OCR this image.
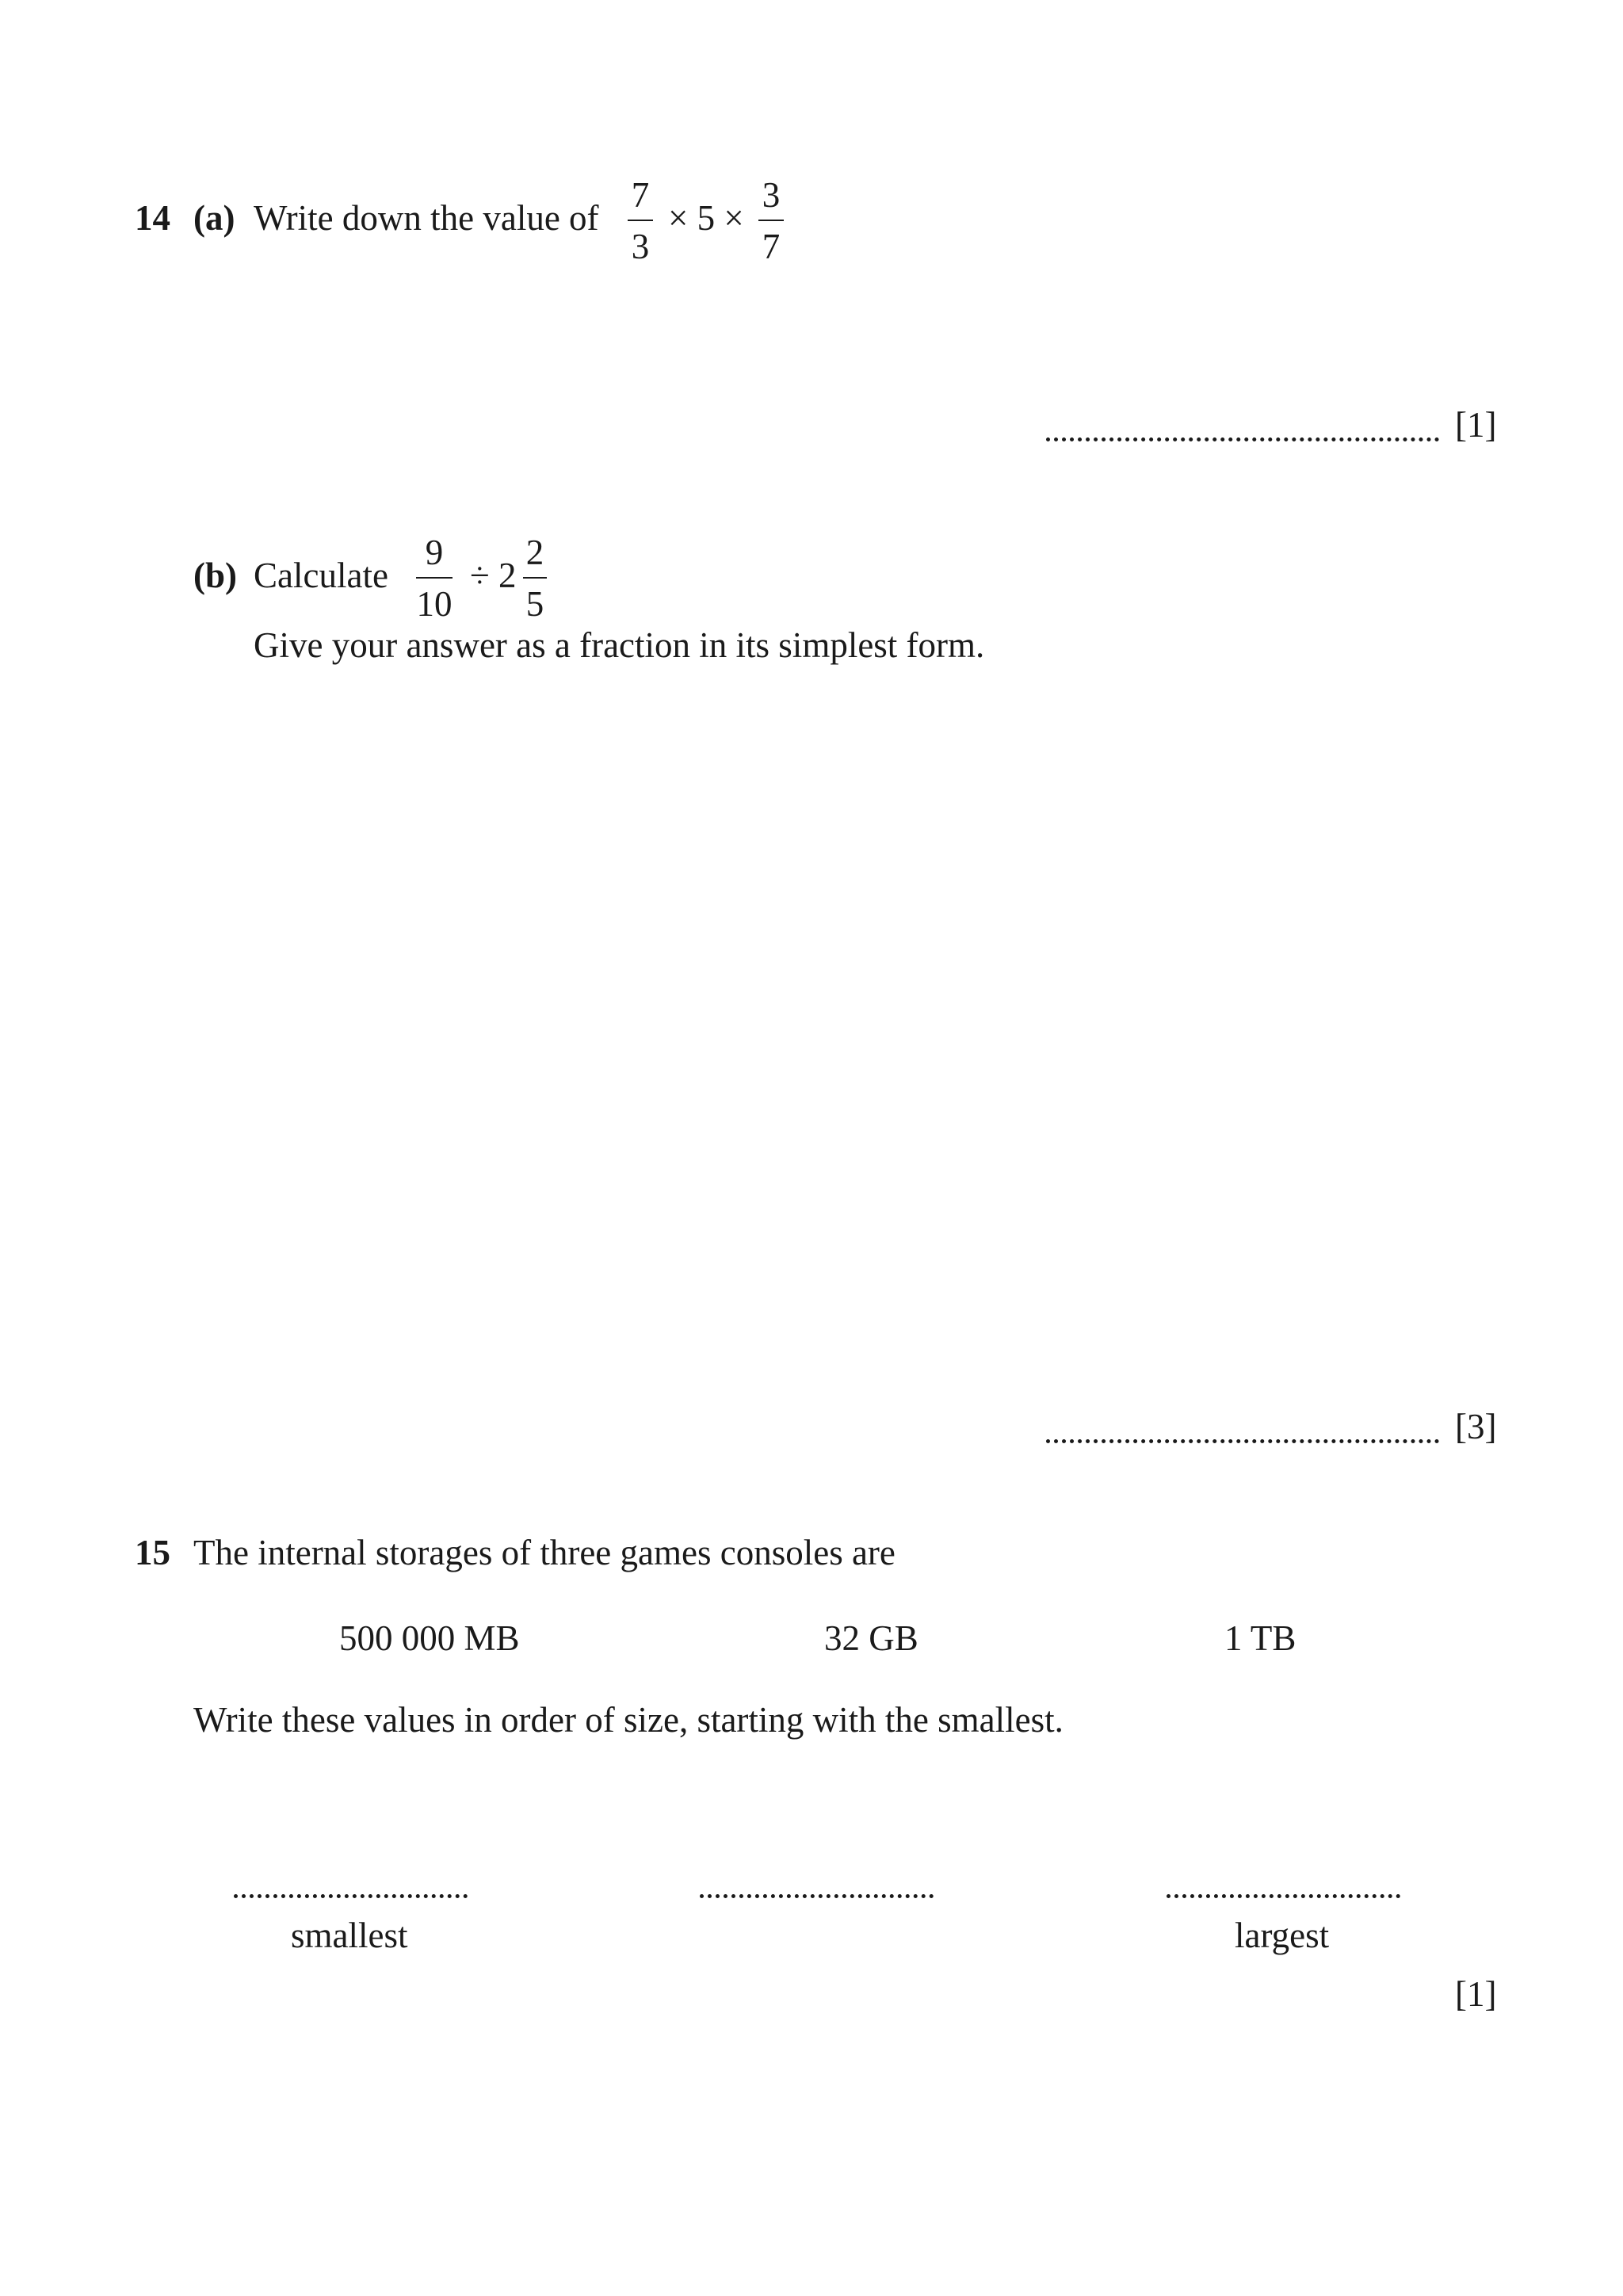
14 (a) Write down the value of
7
3
× 5 ×
3
7
[1]
(b) Calculate
9
10
÷ 2
2
5
Give your answer as a fraction in its simplest form.
[3]
15 The internal storages of three games consoles are
500 000 MB	32 GB	1 TB
Write these values in order of size, starting with the smallest.
smallest	largest
[1]
